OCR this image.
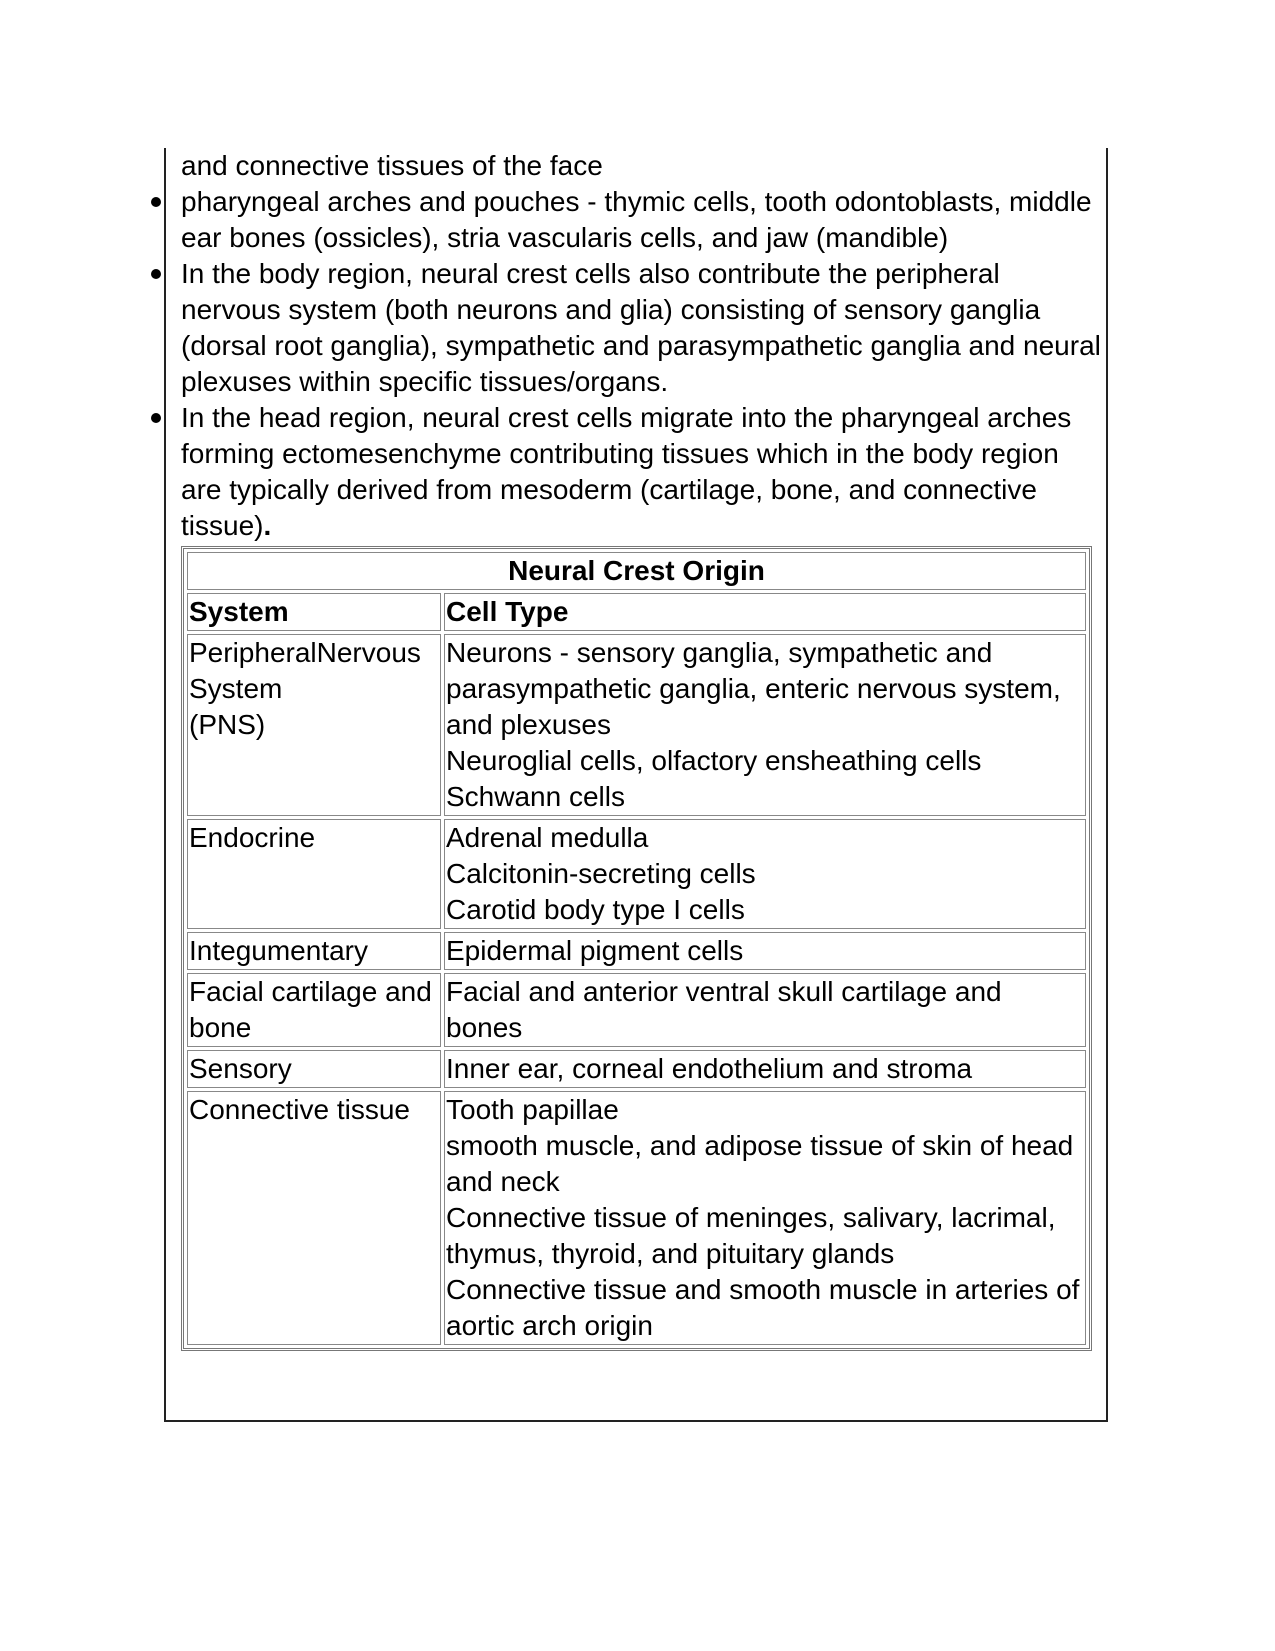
and connective tissues of the face

pharyngeal arches and pouches - thymic cells, tooth odontoblasts, middle ear bones (ossicles), stria vascularis cells, and jaw (mandible)
In the body region, neural crest cells also contribute the peripheral nervous system (both neurons and glia) consisting of sensory ganglia (dorsal root ganglia), sympathetic and parasympathetic ganglia and neural plexuses within specific tissues/organs.
In the head region, neural crest cells migrate into the pharyngeal arches forming ectomesenchyme contributing tissues which in the body region are typically derived from mesoderm (cartilage, bone, and connective tissue).
Neural Crest Origin	
System	Cell Type

PeripheralNervous
System
(PNS)	Neurons - sensory ganglia, sympathetic and parasympathetic ganglia, enteric nervous system, and plexuses
Neuroglial cells, olfactory ensheathing cells
Schwann cells

Endocrine	Adrenal medulla
Calcitonin-secreting cells
Carotid body type I cells

Integumentary	Epidermal pigment cells

Facial cartilage and bone	Facial and anterior ventral skull cartilage and bones

Sensory	Inner ear, corneal endothelium and stroma

Connective tissue	Tooth papillae
smooth muscle, and adipose tissue of skin of head and neck
Connective tissue of meninges, salivary, lacrimal, thymus, thyroid, and pituitary glands
Connective tissue and smooth muscle in arteries of aortic arch origin
